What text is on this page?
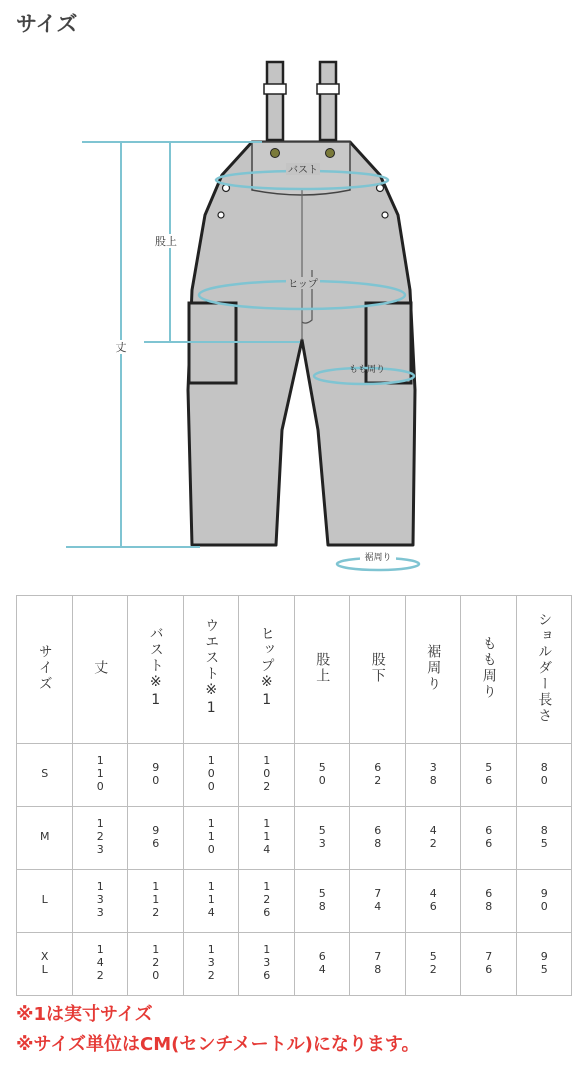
サイズ
バスト
ヒップ
股上
丈
もも周り
裾周り
サイズ	丈	バスト※1	ウエスト※1	ヒップ※1	股上	股下	裾周り	もも周り	ショルダー長さ
S	110	90	100	102	50	62	38	56	80
M	123	96	110	114	53	68	42	66	85
L	133	112	114	126	58	74	46	68	90
XL	142	120	132	136	64	78	52	76	95
※1は実寸サイズ
※サイズ単位はCM(センチメートル)になります。
